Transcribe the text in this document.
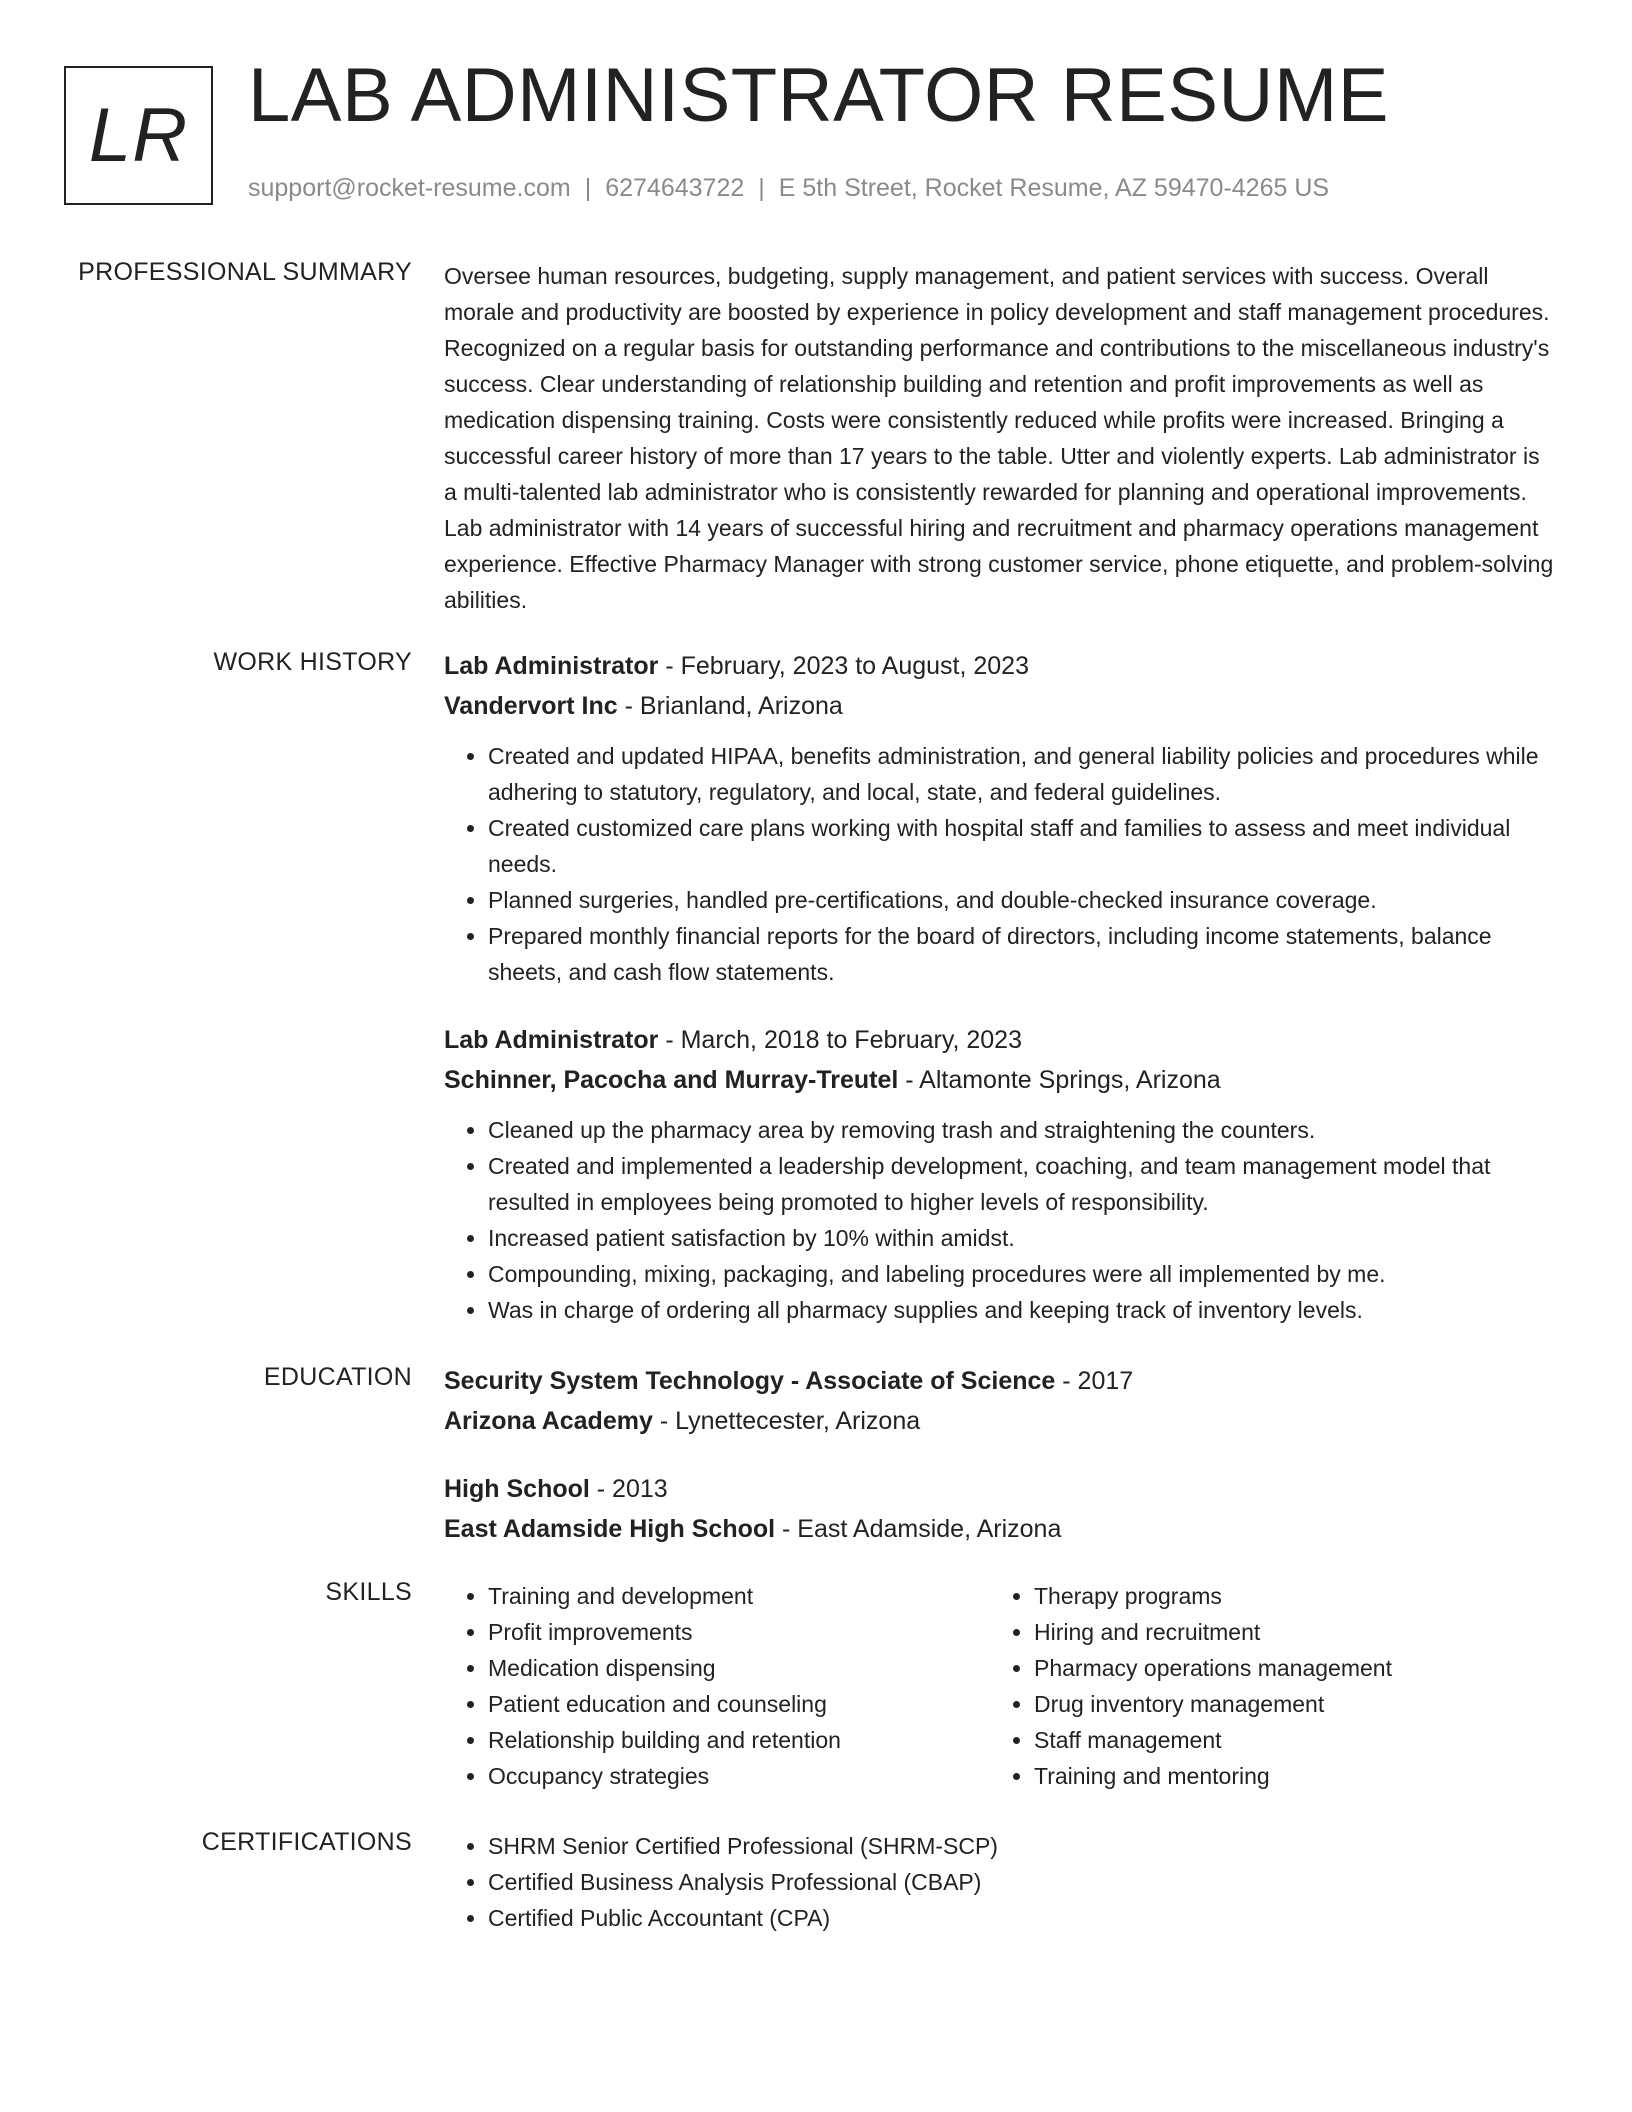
LR LAB ADMINISTRATOR RESUME
support@rocket-resume.com | 6274643722 | E 5th Street, Rocket Resume, AZ 59470-4265 US
PROFESSIONAL SUMMARY Oversee human resources, budgeting, supply management, and patient services with success. Overall morale and productivity are boosted by experience in policy development and staff management procedures. Recognized on a regular basis for outstanding performance and contributions to the miscellaneous industry's success. Clear understanding of relationship building and retention and profit improvements as well as medication dispensing training. Costs were consistently reduced while profits were increased. Bringing a successful career history of more than 17 years to the table. Utter and violently experts. Lab administrator is a multi-talented lab administrator who is consistently rewarded for planning and operational improvements. Lab administrator with 14 years of successful hiring and recruitment and pharmacy operations management experience. Effective Pharmacy Manager with strong customer service, phone etiquette, and problem-solving abilities.

WORK HISTORY Lab Administrator - February, 2023 to August, 2023

Vandervort Inc - Brianland, Arizona

• Created and updated HIPAA, benefits administration, and general liability policies and procedures while adhering to statutory, regulatory, and local, state, and federal guidelines.
• Created customized care plans working with hospital staff and families to assess and meet individual needs.
• Planned surgeries, handled pre-certifications, and double-checked insurance coverage.
• Prepared monthly financial reports for the board of directors, including income statements, balance sheets, and cash flow statements.

Lab Administrator - March, 2018 to February, 2023

Schinner, Pacocha and Murray-Treutel - Altamonte Springs, Arizona

• Cleaned up the pharmacy area by removing trash and straightening the counters.
• Created and implemented a leadership development, coaching, and team management model that resulted in employees being promoted to higher levels of responsibility.
• Increased patient satisfaction by 10% within amidst.
• Compounding, mixing, packaging, and labeling procedures were all implemented by me.
• Was in charge of ordering all pharmacy supplies and keeping track of inventory levels.
EDUCATION Security System Technology - Associate of Science - 2017

Arizona Academy - Lynettecester, Arizona

High School - 2013

East Adamside High School - East Adamside, Arizona

SKILLS	• Training and development
• Profit improvements
• Medication dispensing
• Patient education and counseling
• Relationship building and retention
• Occupancy strategies
• Therapy programs
• Hiring and recruitment
• Pharmacy operations management
• Drug inventory management
• Staff management
• Training and mentoring
CERTIFICATIONS	• SHRM Senior Certified Professional (SHRM-SCP)
• Certified Business Analysis Professional (CBAP)
• Certified Public Accountant (CPA)
